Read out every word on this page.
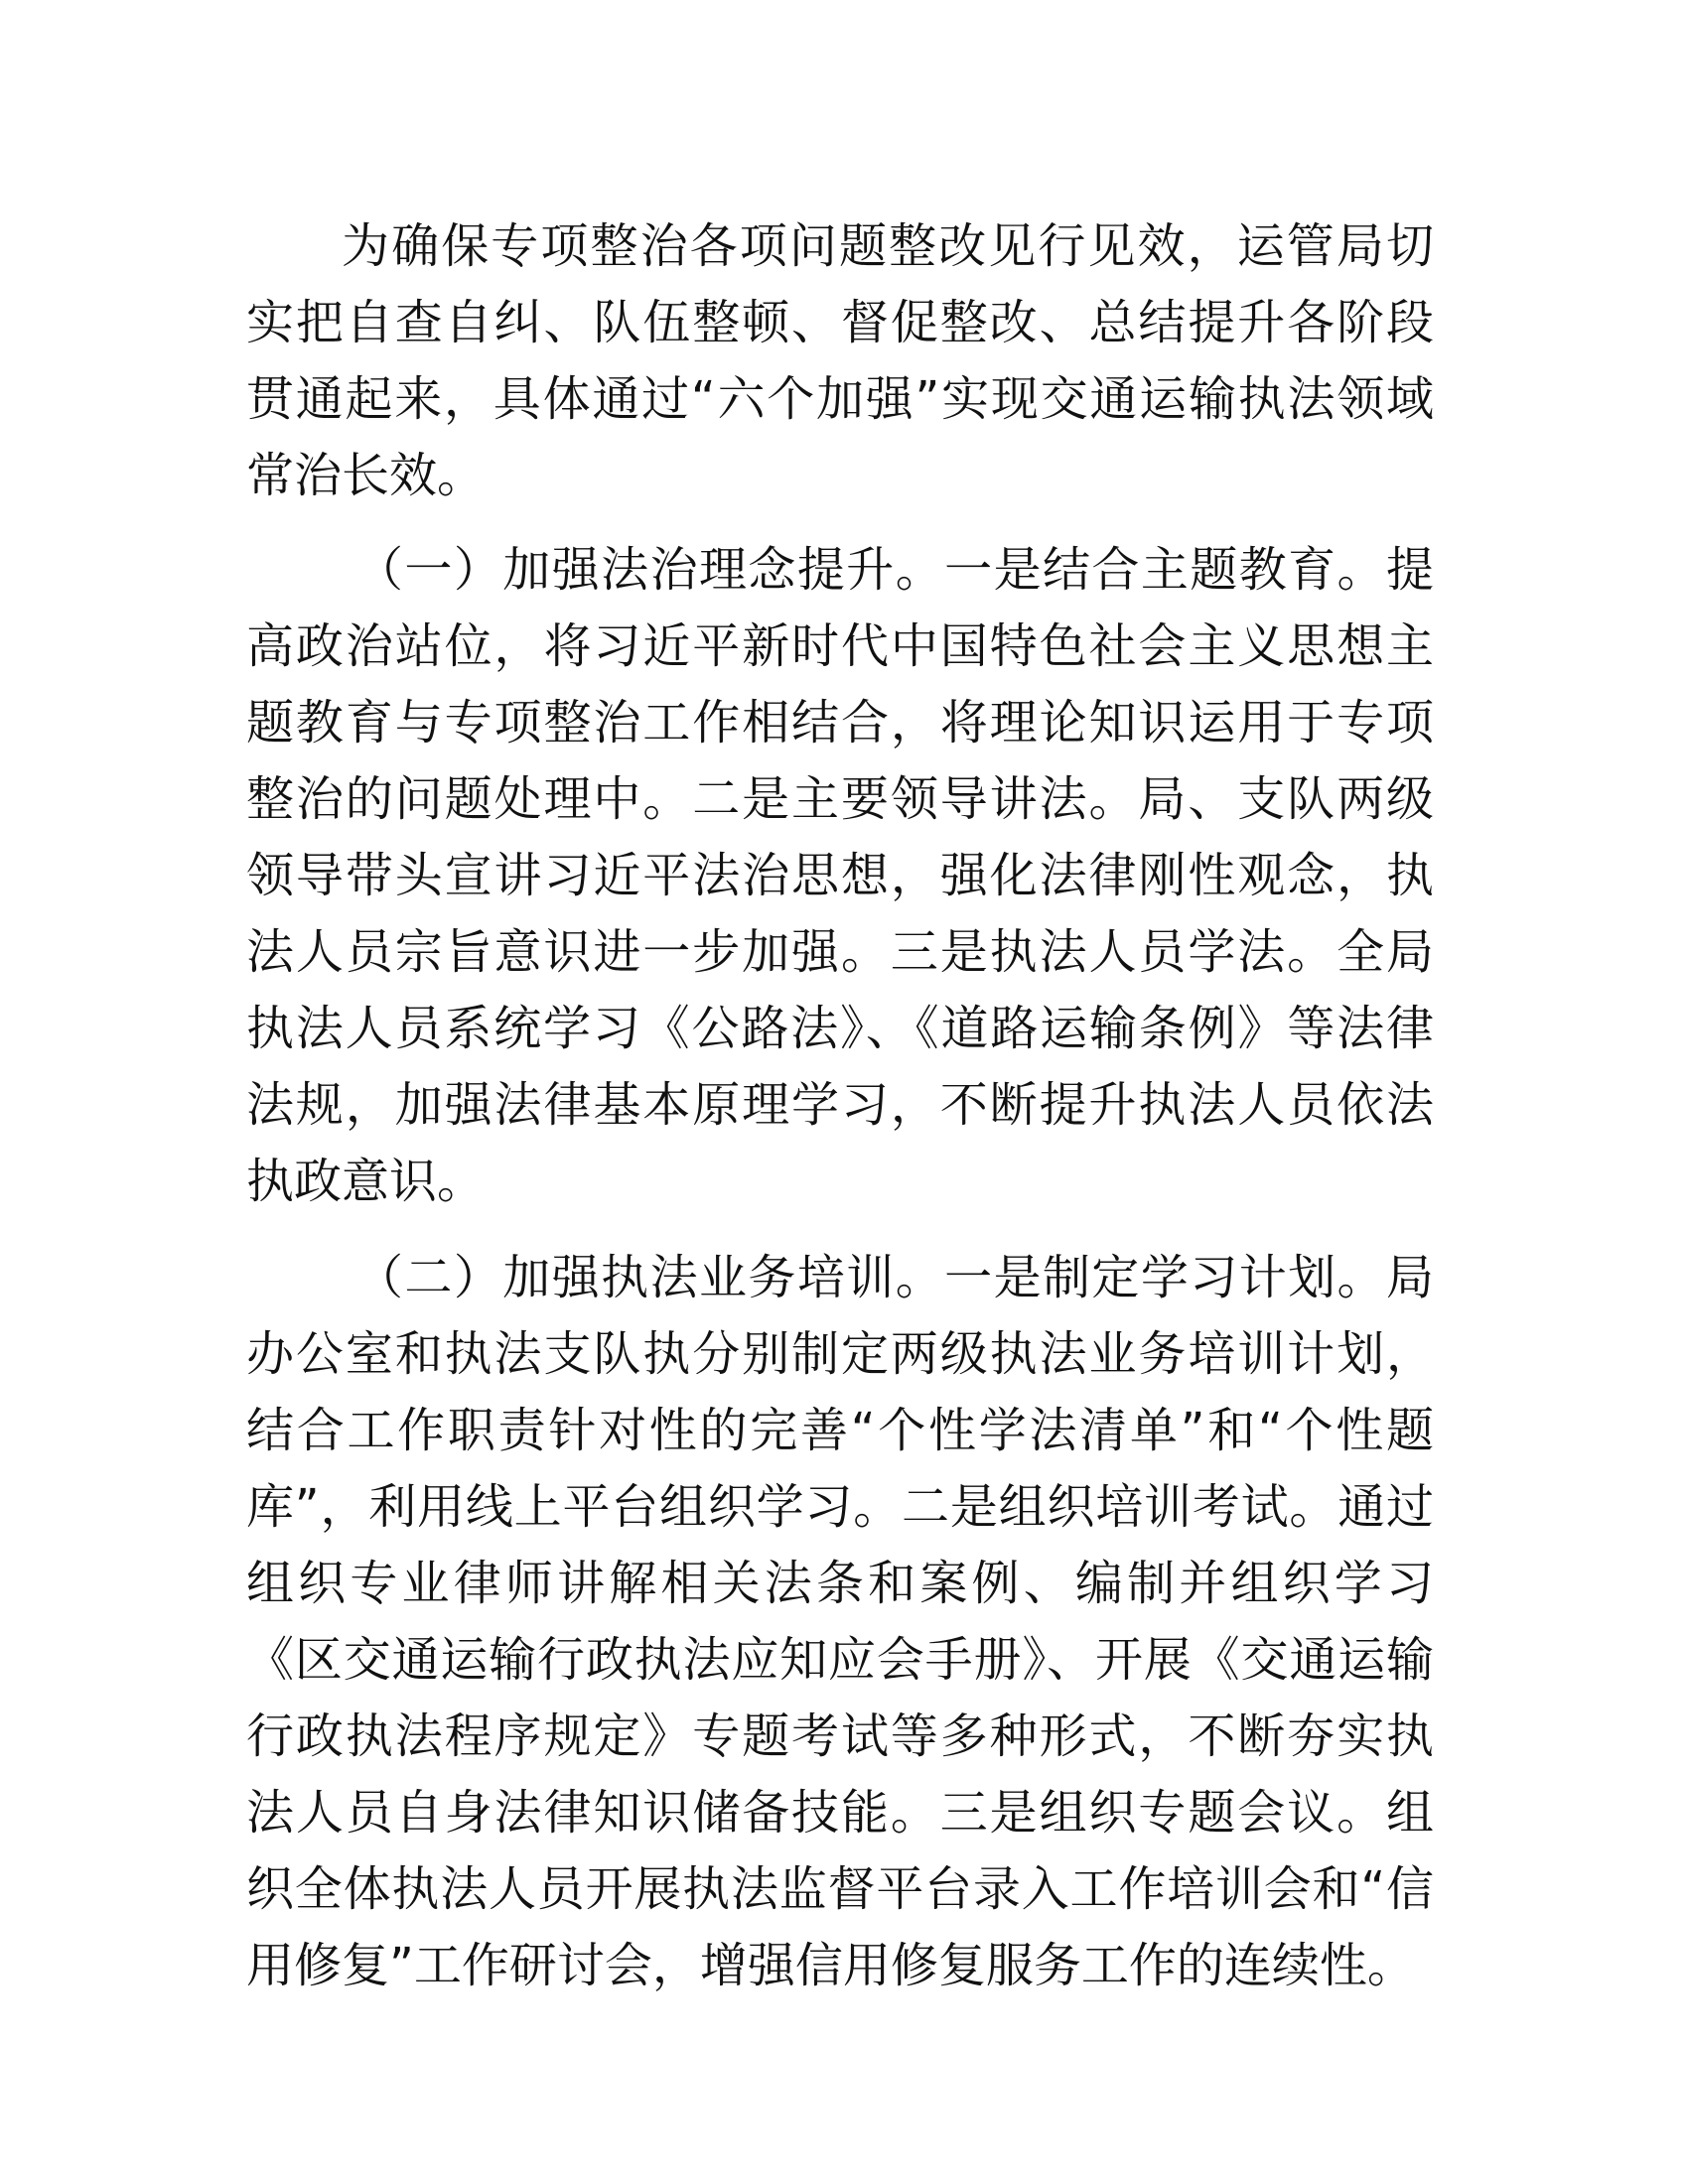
为确保专项整治各项问题整改见行见效，运管局切实把自查自纠、队伍整顿、督促整改、总结提升各阶段贯通起来，具体通过“六个加强”实现交通运输执法领域常治长效。

（一）加强法治理念提升。一是结合主题教育。提高政治站位，将习近平新时代中国特色社会主义思想主题教育与专项整治工作相结合，将理论知识运用于专项整治的问题处理中。二是主要领导讲法。局、支队两级领导带头宣讲习近平法治思想，强化法律刚性观念，执法人员宗旨意识进一步加强。三是执法人员学法。全局执法人员系统学习《公路法》、《道路运输条例》等法律法规，加强法律基本原理学习，不断提升执法人员依法执政意识。

（二）加强执法业务培训。一是制定学习计划。局办公室和执法支队执分别制定两级执法业务培训计划，结合工作职责针对性的完善“个性学法清单”和“个性题库”，利用线上平台组织学习。二是组织培训考试。通过组织专业律师讲解相关法条和案例、编制并组织学习《区交通运输行政执法应知应会手册》、开展《交通运输行政执法程序规定》专题考试等多种形式，不断夯实执法人员自身法律知识储备技能。三是组织专题会议。组织全体执法人员开展执法监督平台录入工作培训会和“信用修复”工作研讨会，增强信用修复服务工作的连续性。
